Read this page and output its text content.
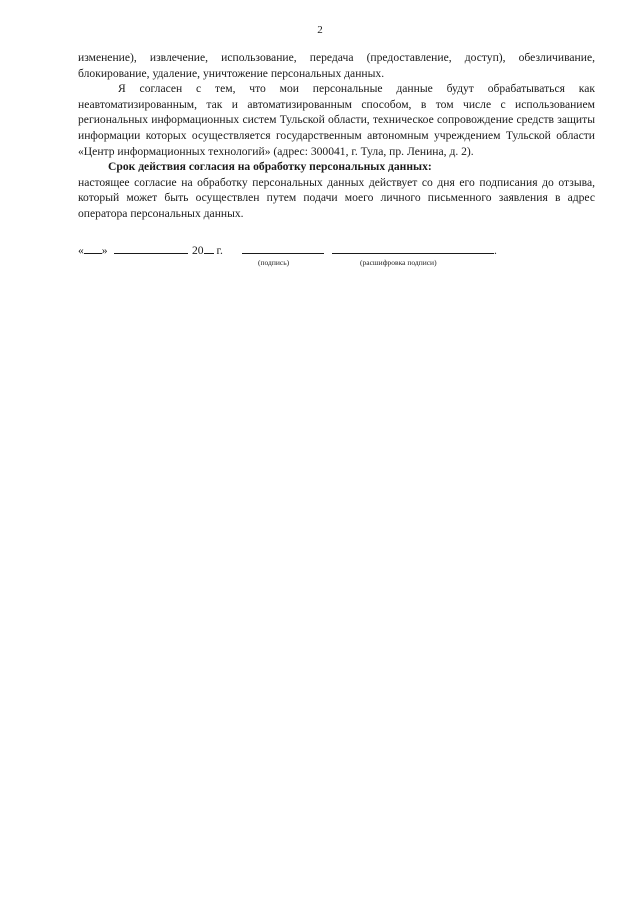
2

изменение), извлечение, использование, передача (предоставление, доступ), обезличивание, блокирование, удаление, уничтожение персональных данных.

Я согласен с тем, что мои персональные данные будут обрабатываться как неавтоматизированным, так и автоматизированным способом, в том числе с использованием региональных информационных систем Тульской области, техническое сопровождение средств защиты информации которых осуществляется государственным автономным учреждением Тульской области «Центр информационных технологий» (адрес: 300041, г. Тула, пр. Ленина, д. 2).

Срок действия согласия на обработку персональных данных:

настоящее согласие на обработку персональных данных действует со дня его подписания до отзыва, который может быть осуществлен путем подачи моего личного письменного заявления в адрес оператора персональных данных.

« »	20 г.	.
(подпись)	(расшифровка подписи)
